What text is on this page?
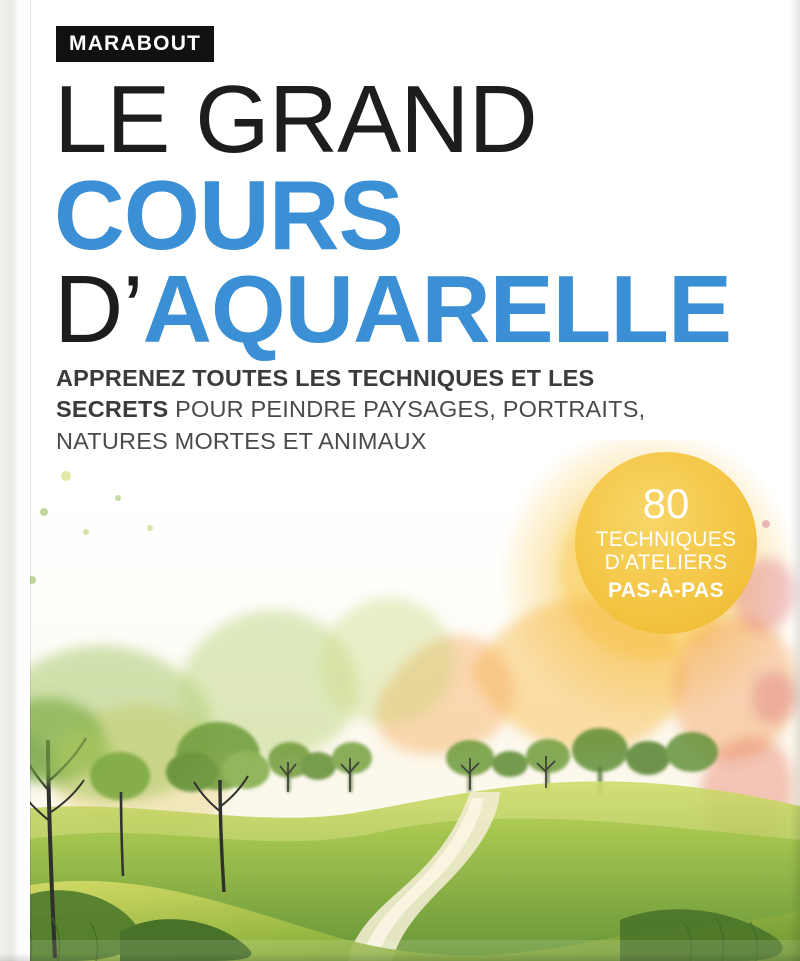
MARABOUT
LE GRAND
COURS
D’AQUARELLE
APPRENEZ TOUTES LES TECHNIQUES ET LES SECRETS POUR PEINDRE PAYSAGES, PORTRAITS, NATURES MORTES ET ANIMAUX
80
TECHNIQUES
D’ATELIERS
PAS-À-PAS
